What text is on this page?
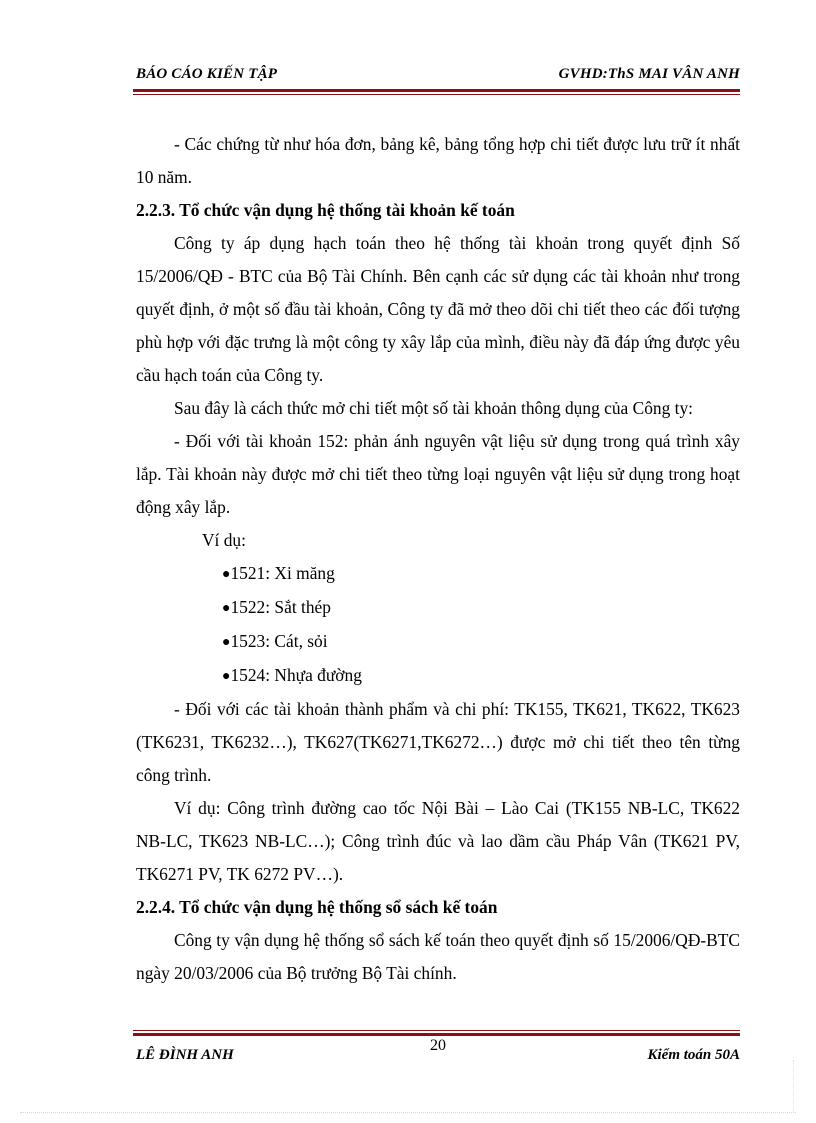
BÁO CÁO KIẾN TẬP	GVHD:ThS MAI VÂN ANH

- Các chứng từ như hóa đơn, bảng kê, bảng tổng hợp chi tiết được lưu trữ ít nhất 10 năm.

2.2.3. Tổ chức vận dụng hệ thống tài khoản kế toán

Công ty áp dụng hạch toán theo hệ thống tài khoản trong quyết định Số 15/2006/QĐ - BTC của Bộ Tài Chính. Bên cạnh các sử dụng các tài khoản như trong quyết định, ở một số đầu tài khoản, Công ty đã mở theo dõi chi tiết theo các đối tượng phù hợp với đặc trưng là một công ty xây lắp của mình, điều này đã đáp ứng được yêu cầu hạch toán của Công ty.

Sau đây là cách thức mở chi tiết một số tài khoản thông dụng của Công ty:

- Đối với tài khoản 152: phản ánh nguyên vật liệu sử dụng trong quá trình xây lắp. Tài khoản này được mở chi tiết theo từng loại nguyên vật liệu sử dụng trong hoạt động xây lắp.

Ví dụ:

●1521: Xi măng

●1522: Sắt thép

●1523: Cát, sỏi

●1524: Nhựa đường

- Đối với các tài khoản thành phẩm và chi phí: TK155, TK621, TK622, TK623 (TK6231, TK6232…), TK627(TK6271,TK6272…) được mở chi tiết theo tên từng công trình.

Ví dụ: Công trình đường cao tốc Nội Bài – Lào Cai (TK155 NB-LC, TK622 NB-LC, TK623 NB-LC…); Công trình đúc và lao dầm cầu Pháp Vân (TK621 PV, TK6271 PV, TK 6272 PV…).

2.2.4. Tổ chức vận dụng hệ thống sổ sách kế toán

Công ty vận dụng hệ thống sổ sách kế toán theo quyết định số 15/2006/QĐ-BTC ngày 20/03/2006 của Bộ trưởng Bộ Tài chính.

LÊ ĐÌNH ANH
20
Kiểm toán 50A
